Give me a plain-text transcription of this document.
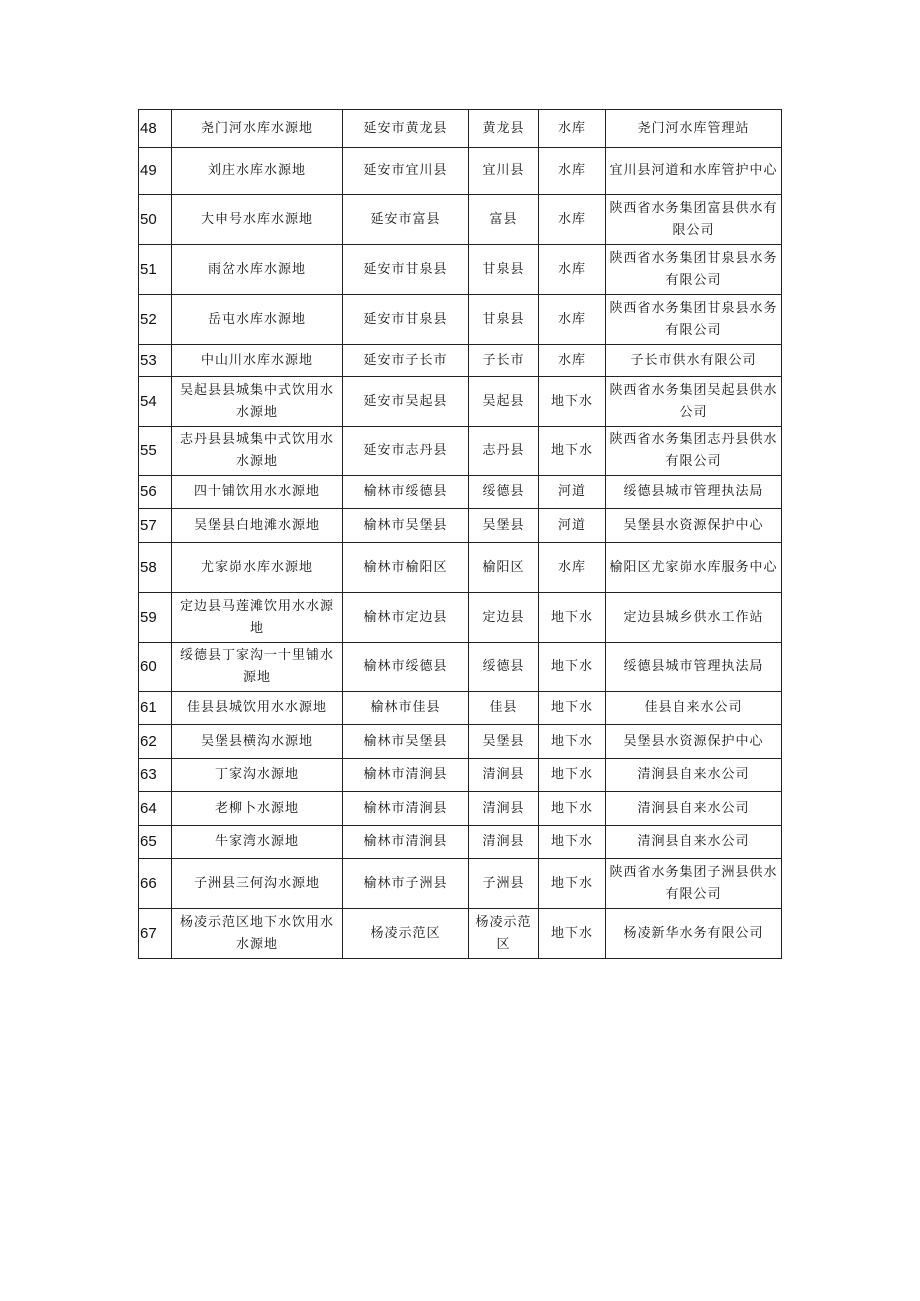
48	尧门河水库水源地	延安市黄龙县	黄龙县	水库	尧门河水库管理站
49	刘庄水库水源地	延安市宜川县	宜川县	水库	宜川县河道和水库管护中心
50	大申号水库水源地	延安市富县	富县	水库	陕西省水务集团富县供水有限公司
51	雨岔水库水源地	延安市甘泉县	甘泉县	水库	陕西省水务集团甘泉县水务有限公司
52	岳屯水库水源地	延安市甘泉县	甘泉县	水库	陕西省水务集团甘泉县水务有限公司
53	中山川水库水源地	延安市子长市	子长市	水库	子长市供水有限公司
54	吴起县县城集中式饮用水水源地	延安市吴起县	吴起县	地下水	陕西省水务集团吴起县供水公司
55	志丹县县城集中式饮用水水源地	延安市志丹县	志丹县	地下水	陕西省水务集团志丹县供水有限公司
56	四十铺饮用水水源地	榆林市绥德县	绥德县	河道	绥德县城市管理执法局
57	吴堡县白地滩水源地	榆林市吴堡县	吴堡县	河道	吴堡县水资源保护中心
58	尤家峁水库水源地	榆林市榆阳区	榆阳区	水库	榆阳区尤家峁水库服务中心
59	定边县马莲滩饮用水水源地	榆林市定边县	定边县	地下水	定边县城乡供水工作站
60	绥德县丁家沟一十里铺水源地	榆林市绥德县	绥德县	地下水	绥德县城市管理执法局
61	佳县县城饮用水水源地	榆林市佳县	佳县	地下水	佳县自来水公司
62	吴堡县横沟水源地	榆林市吴堡县	吴堡县	地下水	吴堡县水资源保护中心
63	丁家沟水源地	榆林市清涧县	清涧县	地下水	清涧县自来水公司
64	老柳卜水源地	榆林市清涧县	清涧县	地下水	清涧县自来水公司
65	牛家湾水源地	榆林市清涧县	清涧县	地下水	清涧县自来水公司
66	子洲县三何沟水源地	榆林市子洲县	子洲县	地下水	陕西省水务集团子洲县供水有限公司
67	杨凌示范区地下水饮用水水源地	杨凌示范区	杨凌示范区	地下水	杨凌新华水务有限公司
